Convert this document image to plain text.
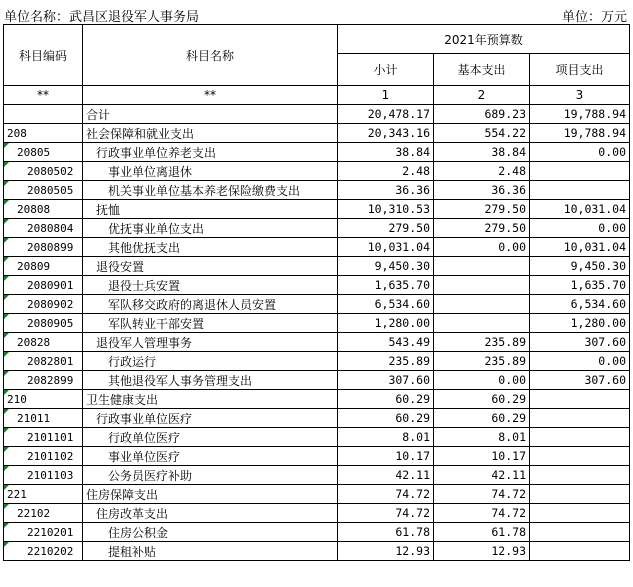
单位名称：武昌区退役军人事务局	单位：万元
科目编码	科目名称	2021年预算数		
		小计	基本支出	项目支出
**	**	1	2	3
	合计	20,478.17	689.23	19,788.94
208	社会保障和就业支出	20,343.16	554.22	19,788.94
20805	行政事业单位养老支出	38.84	38.84	0.00
2080502	事业单位离退休	2.48	2.48	
2080505	机关事业单位基本养老保险缴费支出	36.36	36.36	
20808	抚恤	10,310.53	279.50	10,031.04
2080804	优抚事业单位支出	279.50	279.50	0.00
2080899	其他优抚支出	10,031.04	0.00	10,031.04
20809	退役安置	9,450.30		9,450.30
2080901	退役士兵安置	1,635.70		1,635.70
2080902	军队移交政府的离退休人员安置	6,534.60		6,534.60
2080905	军队转业干部安置	1,280.00		1,280.00
20828	退役军人管理事务	543.49	235.89	307.60
2082801	行政运行	235.89	235.89	0.00
2082899	其他退役军人事务管理支出	307.60	0.00	307.60
210	卫生健康支出	60.29	60.29	
21011	行政事业单位医疗	60.29	60.29	
2101101	行政单位医疗	8.01	8.01	
2101102	事业单位医疗	10.17	10.17	
2101103	公务员医疗补助	42.11	42.11	
221	住房保障支出	74.72	74.72	
22102	住房改革支出	74.72	74.72	
2210201	住房公积金	61.78	61.78	
2210202	提租补贴	12.93	12.93	
